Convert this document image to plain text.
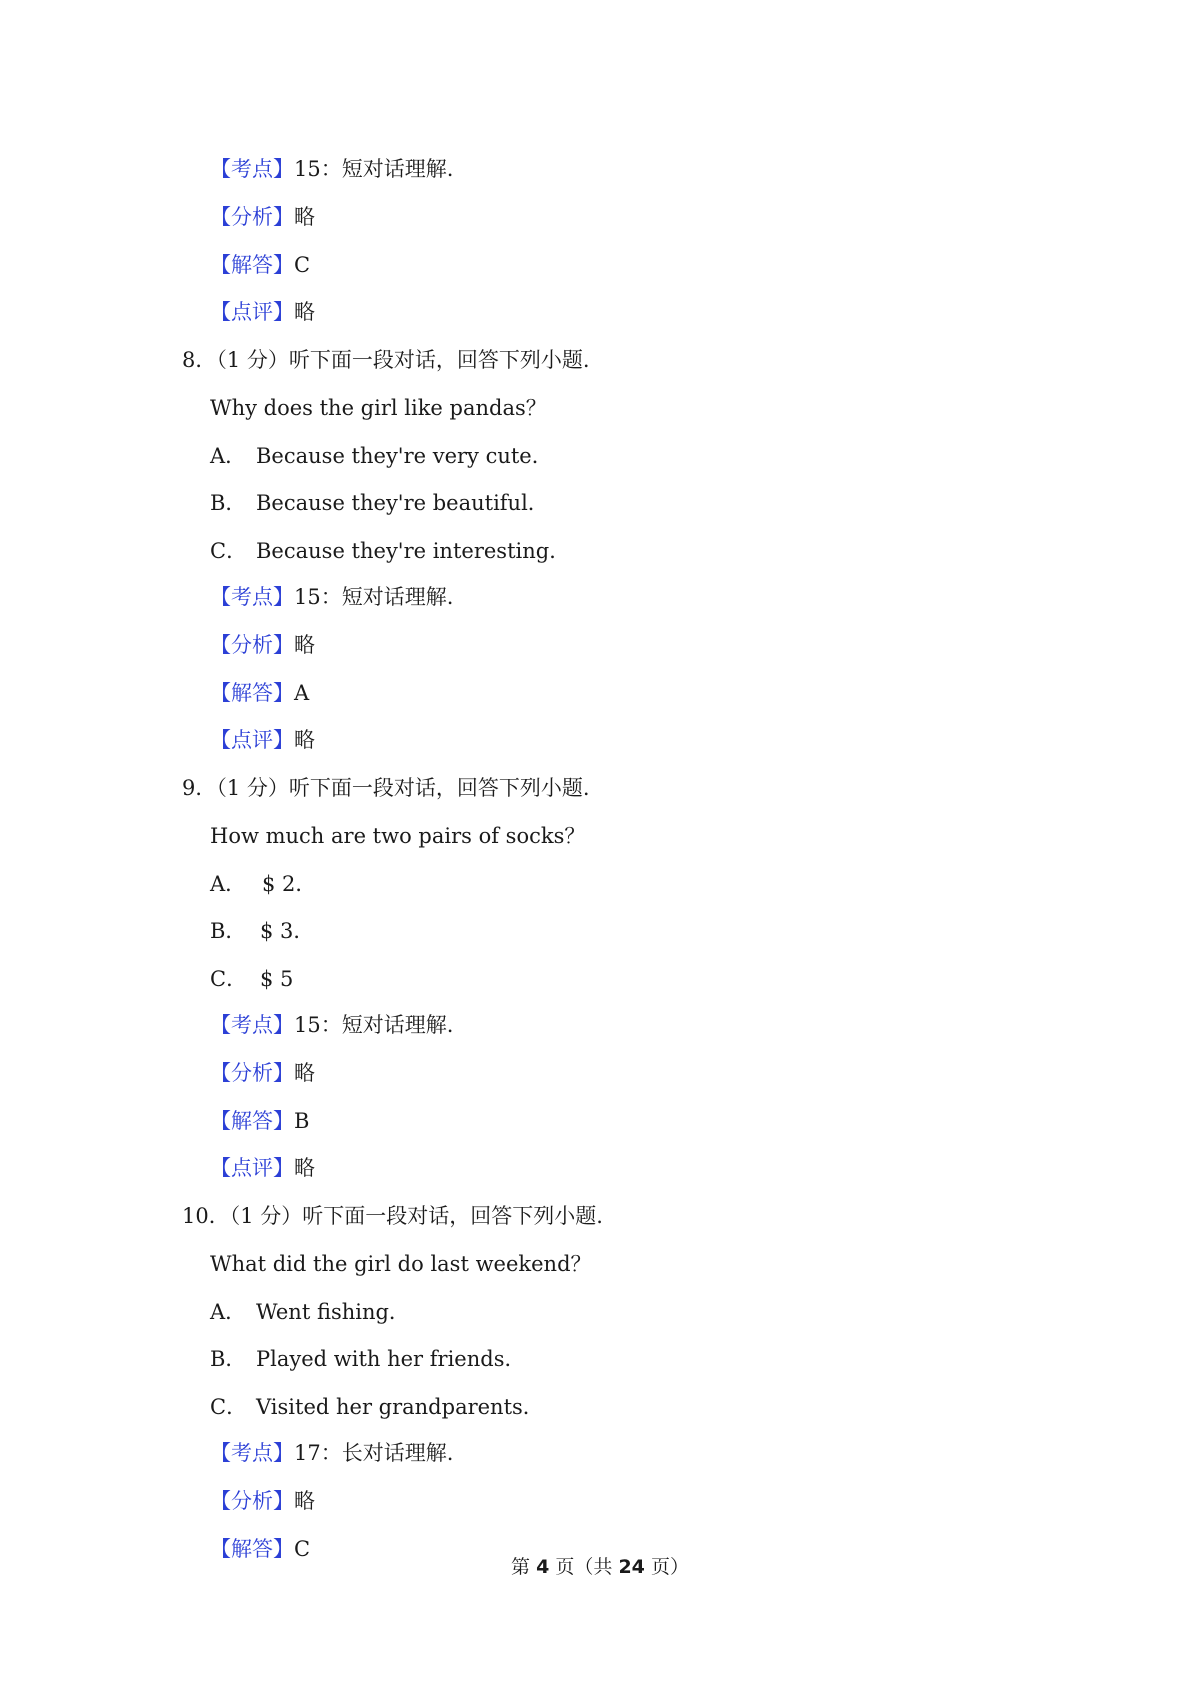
【考点】15：短对话理解.
【分析】略
【解答】C
【点评】略
8．（1 分）听下面一段对话，回答下列小题.
Why does the girl like pandas？
A． Because they're very cute．
B． Because they're beautiful．
C． Because they're interesting．
【考点】15：短对话理解.
【分析】略
【解答】A
【点评】略
9．（1 分）听下面一段对话，回答下列小题.
How much are two pairs of socks？
A． $ 2．
B． $ 3．
C． $ 5
【考点】15：短对话理解.
【分析】略
【解答】B
【点评】略
10．（1 分）听下面一段对话，回答下列小题.
What did the girl do last weekend？
A． Went fishing．
B． Played with her friends．
C． Visited her grandparents．
【考点】17：长对话理解.
【分析】略
【解答】C
第 4 页（共 24 页）
